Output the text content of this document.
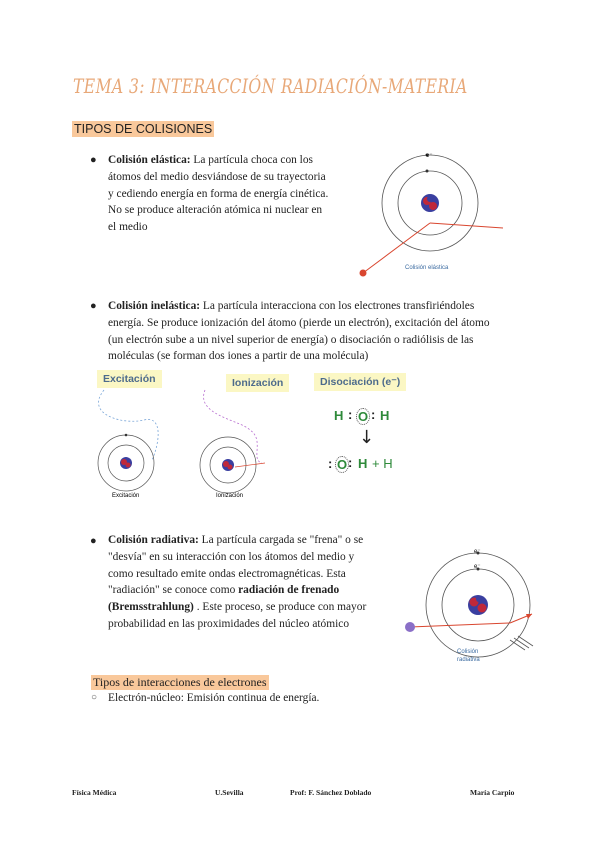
TEMA 3: INTERACCIÓN RADIACIÓN-MATERIA
TIPOS DE COLISIONES
● Colisión elástica: La partícula choca con los átomos del medio desviándose de su trayectoria y cediendo energía en forma de energía cinética. No se produce alteración atómica ni nuclear en el medio
e⁻
Colisión elástica
● Colisión inelástica: La partícula interacciona con los electrones transfiriéndoles energía. Se produce ionización del átomo (pierde un electrón), excitación del átomo (un electrón sube a un nivel superior de energía) o disociación o radiólisis de las moléculas (se forman dos iones a partir de una molécula)
Excitación	Ionización	Disociación (e⁻)
Excitación	Ionización
H : O : H
↓
: O : H + H
● Colisión radiativa: La partícula cargada se "frena" o se "desvía" en su interacción con los átomos del medio y como resultado emite ondas electromagnéticas. Esta "radiación" se conoce como radiación de frenado (Bremsstrahlung) . Este proceso, se produce con mayor probabilidad en las proximidades del núcleo atómico
e⁻
e⁻
Colisión
radiativa
Tipos de interacciones de electrones
○ Electrón-núcleo: Emisión continua de energía.
Física Médica	U.Sevilla	Prof: F. Sánchez Doblado	María Carpio
